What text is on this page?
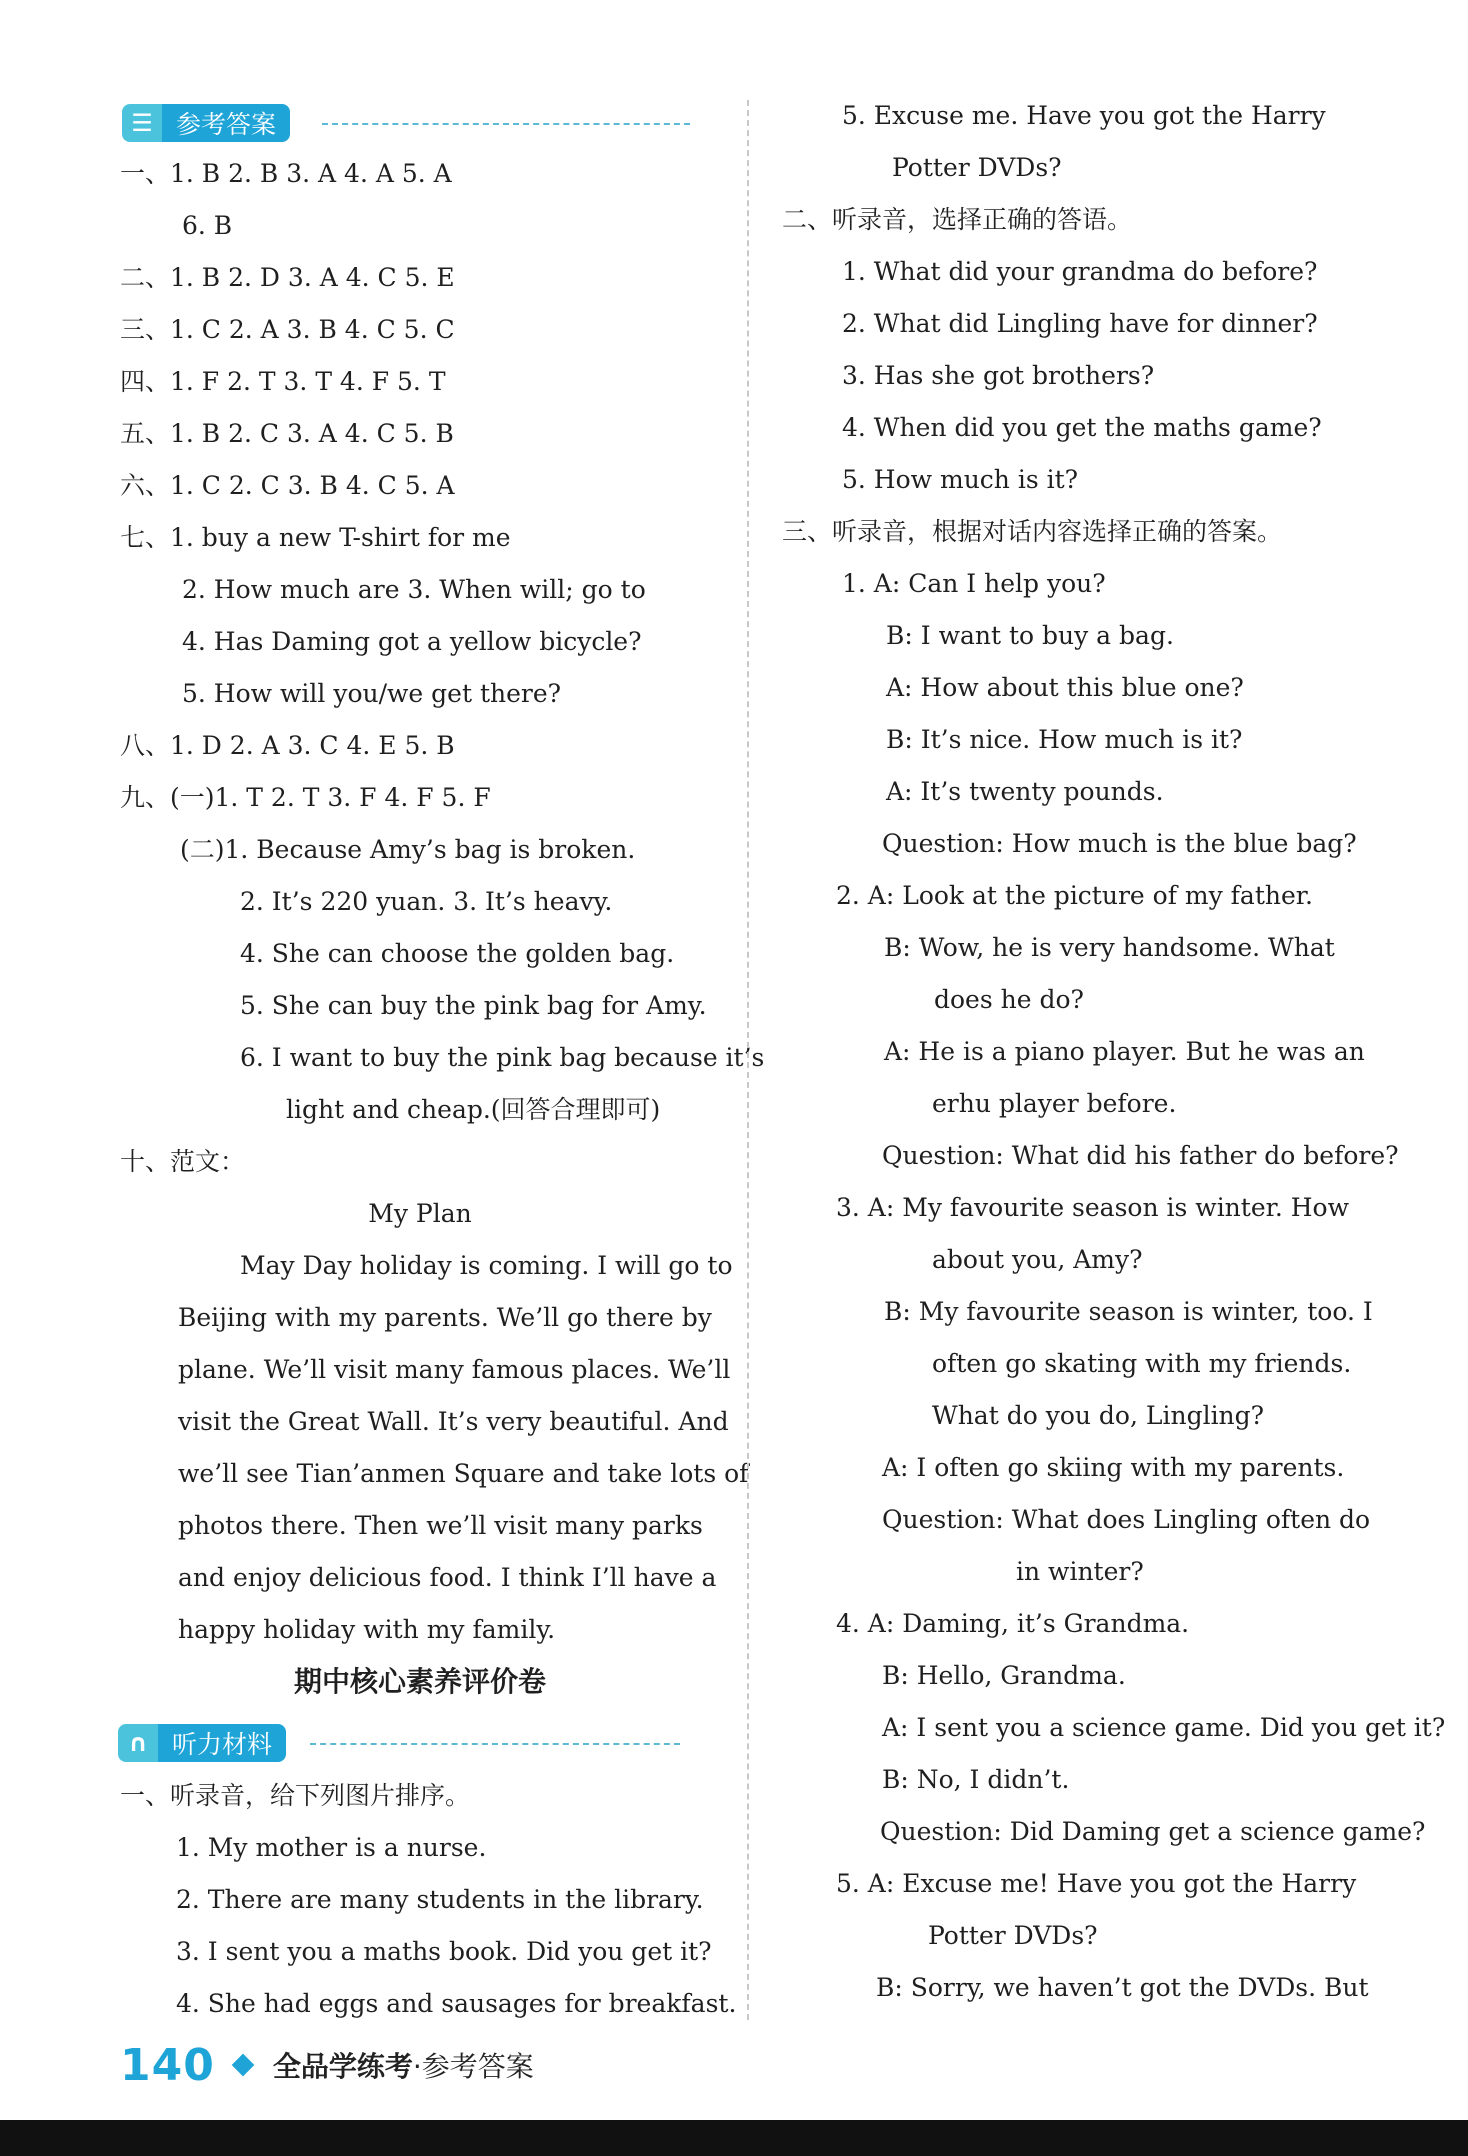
☰ 参考答案
一、1. B 2. B 3. A 4. A 5. A
6. B
二、1. B 2. D 3. A 4. C 5. E
三、1. C 2. A 3. B 4. C 5. C
四、1. F 2. T 3. T 4. F 5. T
五、1. B 2. C 3. A 4. C 5. B
六、1. C 2. C 3. B 4. C 5. A
七、1. buy a new T-shirt for me
2. How much are 3. When will; go to
4. Has Daming got a yellow bicycle?
5. How will you/we get there?
八、1. D 2. A 3. C 4. E 5. B
九、(一)1. T 2. T 3. F 4. F 5. F
(二)1. Because Amy’s bag is broken.
2. It’s 220 yuan. 3. It’s heavy.
4. She can choose the golden bag.
5. She can buy the pink bag for Amy.
6. I want to buy the pink bag because it’s
light and cheap.(回答合理即可)
十、范文：
My Plan
May Day holiday is coming. I will go to
Beijing with my parents. We’ll go there by
plane. We’ll visit many famous places. We’ll
visit the Great Wall. It’s very beautiful. And
we’ll see Tian’anmen Square and take lots of
photos there. Then we’ll visit many parks
and enjoy delicious food. I think I’ll have a
happy holiday with my family.
期中核心素养评价卷
∩ 听力材料
一、听录音，给下列图片排序。
1. My mother is a nurse.
2. There are many students in the library.
3. I sent you a maths book. Did you get it?
4. She had eggs and sausages for breakfast.
5. Excuse me. Have you got the Harry
Potter DVDs?
二、听录音，选择正确的答语。
1. What did your grandma do before?
2. What did Lingling have for dinner?
3. Has she got brothers?
4. When did you get the maths game?
5. How much is it?
三、听录音，根据对话内容选择正确的答案。
1. A: Can I help you?
B: I want to buy a bag.
A: How about this blue one?
B: It’s nice. How much is it?
A: It’s twenty pounds.
Question: How much is the blue bag?
2. A: Look at the picture of my father.
B: Wow, he is very handsome. What
does he do?
A: He is a piano player. But he was an
erhu player before.
Question: What did his father do before?
3. A: My favourite season is winter. How
about you, Amy?
B: My favourite season is winter, too. I
often go skating with my friends.
What do you do, Lingling?
A: I often go skiing with my parents.
Question: What does Lingling often do
in winter?
4. A: Daming, it’s Grandma.
B: Hello, Grandma.
A: I sent you a science game. Did you get it?
B: No, I didn’t.
Question: Did Daming get a science game?
5. A: Excuse me! Have you got the Harry
Potter DVDs?
B: Sorry, we haven’t got the DVDs. But
140 全品学练考·参考答案
